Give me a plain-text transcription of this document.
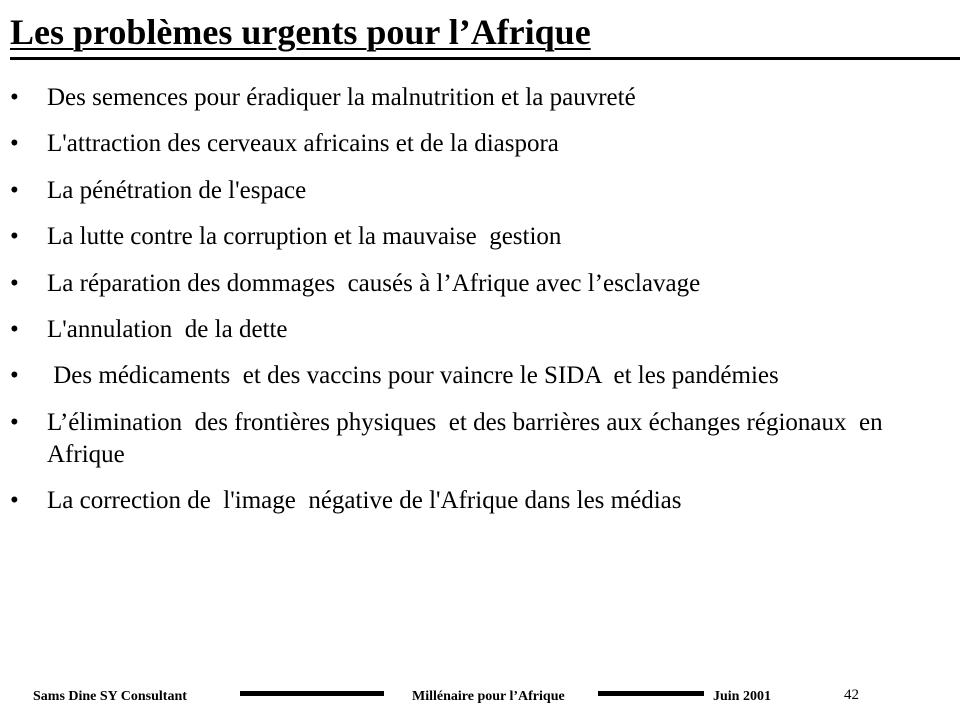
Les problèmes urgents pour l’Afrique
•	Des semences pour éradiquer la malnutrition et la pauvreté
•	L'attraction des cerveaux africains et de la diaspora
•	La pénétration de l'espace
•	La lutte contre la corruption et la mauvaise  gestion
•	La réparation des dommages  causés à l’Afrique avec l’esclavage
•	L'annulation  de la dette
•	Des médicaments  et des vaccins pour vaincre le SIDA  et les pandémies
•	L’élimination  des frontières physiques  et des barrières aux échanges régionaux  en Afrique
•	La correction de  l'image  négative de l'Afrique dans les médias
Sams Dine SY Consultant	Millénaire pour l’Afrique	Juin 2001	42
